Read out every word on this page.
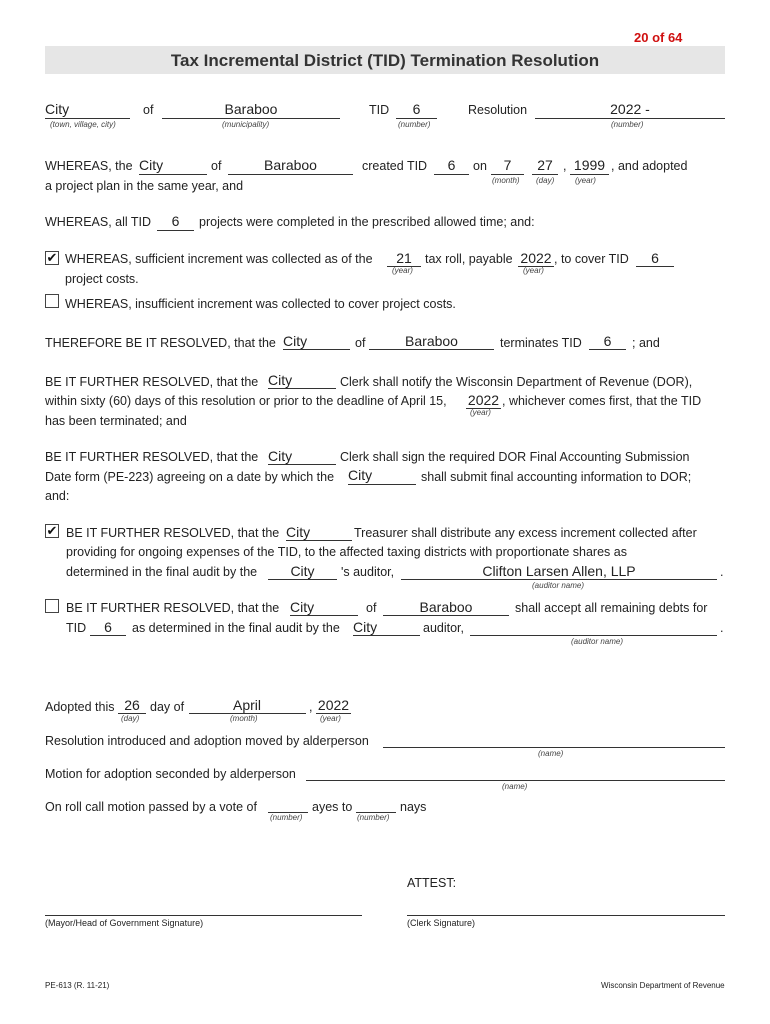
20 of 64
Tax Incremental District (TID) Termination Resolution
City
(town, village, city)
of	Baraboo
(municipality)
TID	6
(number)
Resolution	2022 -
(number)
WHEREAS, the City	of	Baraboo	created TID	6	on	7
(month)
27
(day)
, 1999
(year)
, and adopted
a project plan in the same year, and
WHEREAS, all TID	6	projects were completed in the prescribed allowed time; and:
✔ WHEREAS, sufficient increment was collected as of the	21
(year)
tax roll, payable 2022
(year)
, to cover TID	6
project costs.
WHEREAS, insufficient increment was collected to cover project costs.
THEREFORE BE IT RESOLVED, that the City	of	Baraboo	terminates TID	6	; and
BE IT FURTHER RESOLVED, that the City	Clerk shall notify the Wisconsin Department of Revenue (DOR),
within sixty (60) days of this resolution or prior to the deadline of April 15, 2022
(year)
, whichever comes first, that the TID
has been terminated; and
BE IT FURTHER RESOLVED, that the City	Clerk shall sign the required DOR Final Accounting Submission
Date form (PE-223) agreeing on a date by which the City	shall submit final accounting information to DOR;
and:
✔ BE IT FURTHER RESOLVED, that the City	Treasurer shall distribute any excess increment collected after
providing for ongoing expenses of the TID, to the affected taxing districts with proportionate shares as
determined in the final audit by the	City	's auditor,	Clifton Larsen Allen, LLP	.
(auditor name)
BE IT FURTHER RESOLVED, that the City	of	Baraboo	shall accept all remaining debts for
TID	6	as determined in the final audit by the City	auditor,	.
(auditor name)
Adopted this 26
(day)
day of	April
(month)
, 2022
(year)
Resolution introduced and adoption moved by alderperson
(name)
Motion for adoption seconded by alderperson
(name)
On roll call motion passed by a vote of
(number)
ayes to
(number)
nays
ATTEST:
(Mayor/Head of Government Signature)	(Clerk Signature)
PE-613 (R. 11-21)	Wisconsin Department of Revenue
